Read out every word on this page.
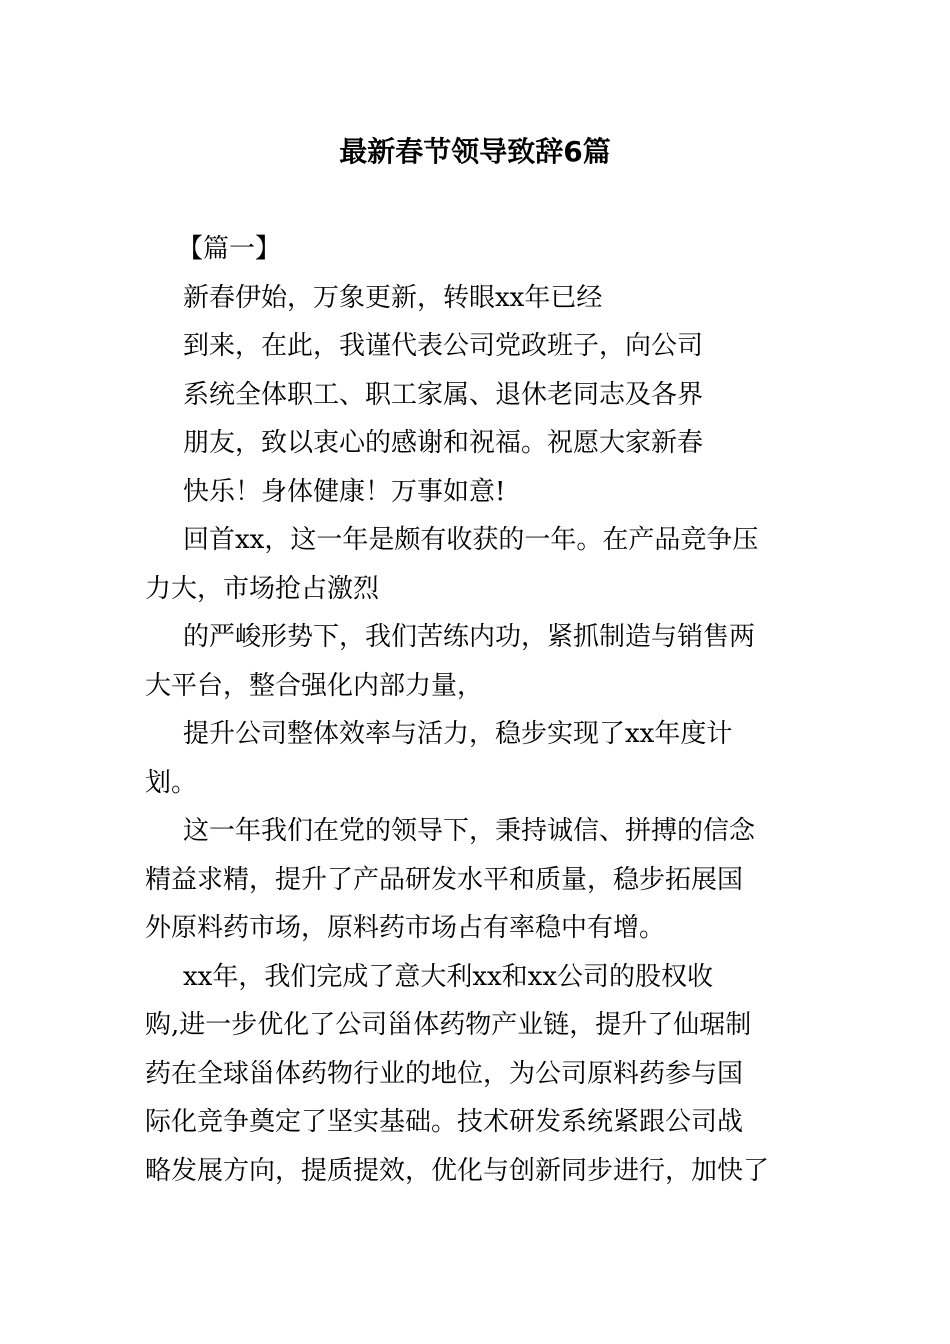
最新春节领导致辞6篇
【篇一】
新春伊始，万象更新，转眼xx年已经
到来，在此，我谨代表公司党政班子，向公司
系统全体职工、职工家属、退休老同志及各界
朋友，致以衷心的感谢和祝福。祝愿大家新春
快乐！身体健康！万事如意!
回首xx，这一年是颇有收获的一年。在产品竞争压
力大，市场抢占激烈
的严峻形势下，我们苦练内功，紧抓制造与销售两
大平台，整合强化内部力量，
提升公司整体效率与活力，稳步实现了xx年度计
划。
这一年我们在党的领导下，秉持诚信、拼搏的信念
精益求精，提升了产品研发水平和质量，稳步拓展国
外原料药市场，原料药市场占有率稳中有增。
xx年，我们完成了意大利xx和xx公司的股权收
购,进一步优化了公司甾体药物产业链，提升了仙琚制
药在全球甾体药物行业的地位，为公司原料药参与国
际化竞争奠定了坚实基础。技术研发系统紧跟公司战
略发展方向，提质提效，优化与创新同步进行，加快了
